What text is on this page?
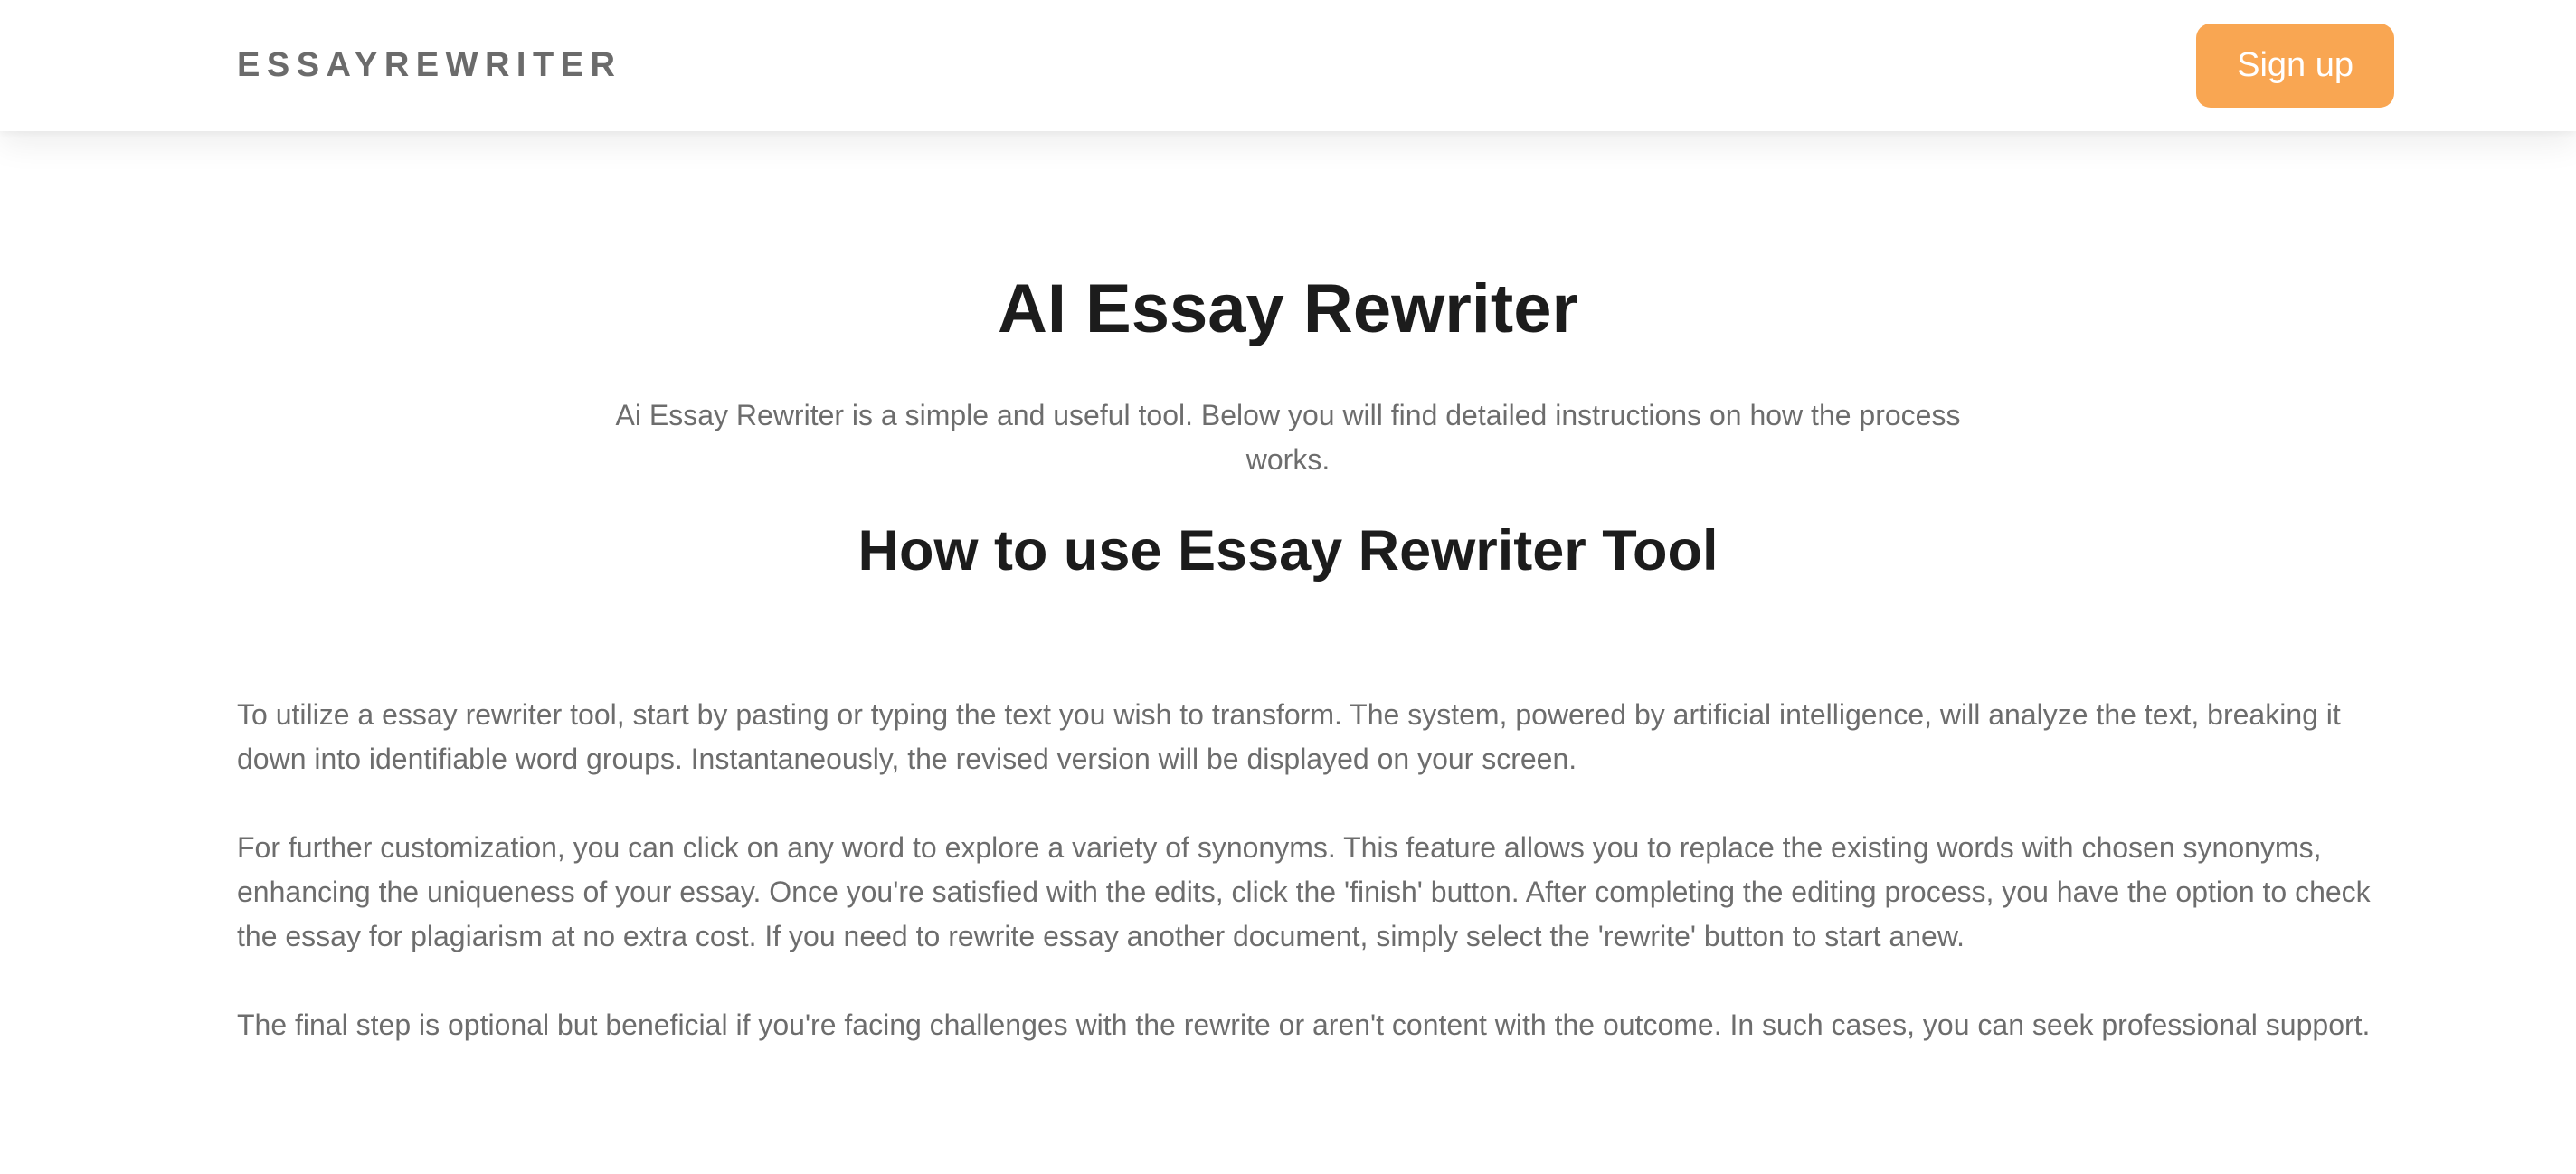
ESSAYREWRITER	Sign up
AI Essay Rewriter

Ai Essay Rewriter is a simple and useful tool. Below you will find detailed instructions on how the process works.

How to use Essay Rewriter Tool

To utilize a essay rewriter tool, start by pasting or typing the text you wish to transform. The system, powered by artificial intelligence, will analyze the text, breaking it down into identifiable word groups. Instantaneously, the revised version will be displayed on your screen.

For further customization, you can click on any word to explore a variety of synonyms. This feature allows you to replace the existing words with chosen synonyms, enhancing the uniqueness of your essay. Once you're satisfied with the edits, click the 'finish' button. After completing the editing process, you have the option to check the essay for plagiarism at no extra cost. If you need to rewrite essay another document, simply select the 'rewrite' button to start anew.

The final step is optional but beneficial if you're facing challenges with the rewrite or aren't content with the outcome. In such cases, you can seek professional support.
